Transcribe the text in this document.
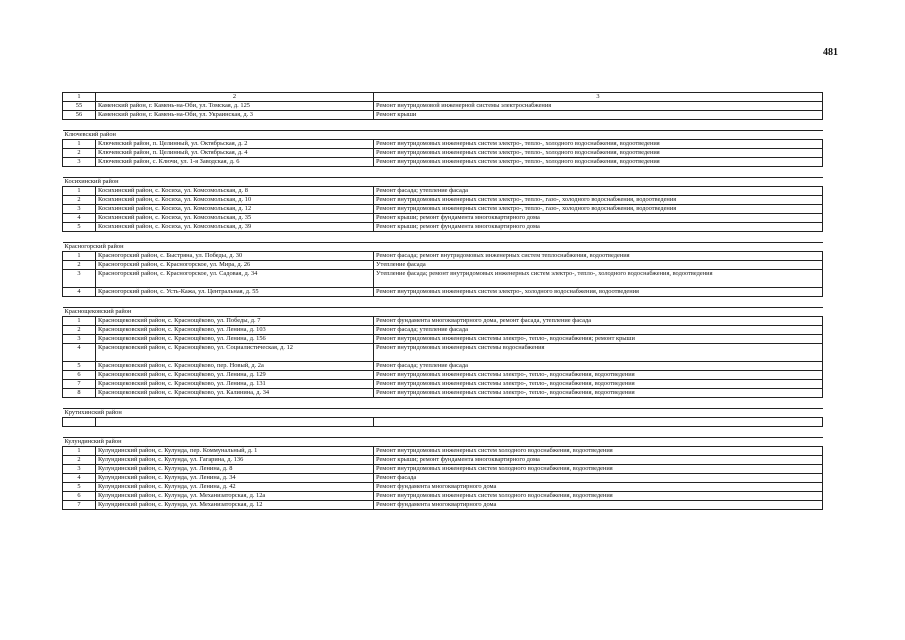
481
1	2	3
55	Каменский район, г. Камень-на-Оби, ул. Томская, д. 125	Ремонт внутридомовой инженерной системы электроснабжения
56	Каменский район, г. Камень-на-Оби, ул. Украинская, д. 3	Ремонт крыши

Ключевский район		
1	Ключевский район, п. Целинный, ул. Октябрьская, д. 2	Ремонт внутридомовых инженерных систем электро-, тепло-, холодного водоснабжения, водоотведения
2	Ключевский район, п. Целинный, ул. Октябрьская, д. 4	Ремонт внутридомовых инженерных систем электро-, тепло-, холодного водоснабжения, водоотведения
3	Ключевский район, с. Ключи, ул. 1-я Заводская, д. 6	Ремонт внутридомовых инженерных систем электро-, тепло-, холодного водоснабжения, водоотведения

Косихинский район		
1	Косихинский район, с. Косиха, ул. Комсомольская, д. 8	Ремонт фасада; утепление фасада
2	Косихинский район, с. Косиха, ул. Комсомольская, д. 10	Ремонт внутридомовых инженерных систем электро-, тепло-, газо-, холодного водоснабжения, водоотведения
3	Косихинский район, с. Косиха, ул. Комсомольская, д. 12	Ремонт внутридомовых инженерных систем электро-, тепло-, газо-, холодного водоснабжения, водоотведения
4	Косихинский район, с. Косиха, ул. Комсомольская, д. 35	Ремонт крыши; ремонт фундамента многоквартирного дома
5	Косихинский район, с. Косиха, ул. Комсомольская, д. 39	Ремонт крыши; ремонт фундамента многоквартирного дома

Красногорский район		
1	Красногорский район, с. Быстряна, ул. Победы, д. 30	Ремонт фасада; ремонт внутридомовых инженерных систем теплоснабжения, водоотведения
2	Красногорский район, с. Красногорское, ул. Мира, д. 26	Утепление фасада
3	Красногорский район, с. Красногорское, ул. Садовая, д. 34	Утепление фасада; ремонт внутридомовых инженерных систем электро-, тепло-, холодного водоснабжения, водоотведения
4	Красногорский район, с. Усть-Кажа, ул. Центральная, д. 55	Ремонт внутридомовых инженерных систем электро-, холодного водоснабжения, водоотведения

Краснощековский район		
1	Краснощековский район, с. Краснощёково, ул. Победы, д. 7	Ремонт фундамента многоквартирного дома, ремонт фасада, утепление фасада
2	Краснощековский район, с. Краснощёково, ул. Ленина, д. 103	Ремонт фасада; утепление фасада
3	Краснощековский район, с. Краснощёково, ул. Ленина, д. 156	Ремонт внутридомовых инженерных системы электро-, тепло-, водоснабжения; ремонт крыши
4	Краснощековский район, с. Краснощёково, ул. Социалистическая, д. 12	Ремонт внутридомовых инженерных системы водоснабжения
5	Краснощековский район, с. Краснощёково, пер. Новый, д. 2а	Ремонт фасада; утепление фасада
6	Краснощековский район, с. Краснощёково, ул. Ленина, д. 129	Ремонт внутридомовых инженерных системы электро-, тепло-, водоснабжения, водоотведения
7	Краснощековский район, с. Краснощёково, ул. Ленина, д. 131	Ремонт внутридомовых инженерных системы электро-, тепло-, водоснабжения, водоотведения
8	Краснощековский район, с. Краснощёково, ул. Калинина, д. 34	Ремонт внутридомовых инженерных системы электро-, тепло-, водоснабжения, водоотведения

Крутихинский район		

Кулундинский район		
1	Кулундинский район, с. Кулунда, пер. Коммунальный, д. 1	Ремонт внутридомовых инженерных систем холодного водоснабжения, водоотведения
2	Кулундинский район, с. Кулунда, ул. Гагарина, д. 136	Ремонт крыши; ремонт фундамента многоквартирного дома
3	Кулундинский район, с. Кулунда, ул. Ленина, д. 8	Ремонт внутридомовых инженерных систем холодного водоснабжения, водоотведения
4	Кулундинский район, с. Кулунда, ул. Ленина, д. 34	Ремонт фасада
5	Кулундинский район, с. Кулунда, ул. Ленина, д. 42	Ремонт фундамента многоквартирного дома
6	Кулундинский район, с. Кулунда, ул. Механизаторская, д. 12а	Ремонт внутридомовых инженерных систем холодного водоснабжения, водоотведения
7	Кулундинский район, с. Кулунда, ул. Механизаторская, д. 12	Ремонт фундамента многоквартирного дома
